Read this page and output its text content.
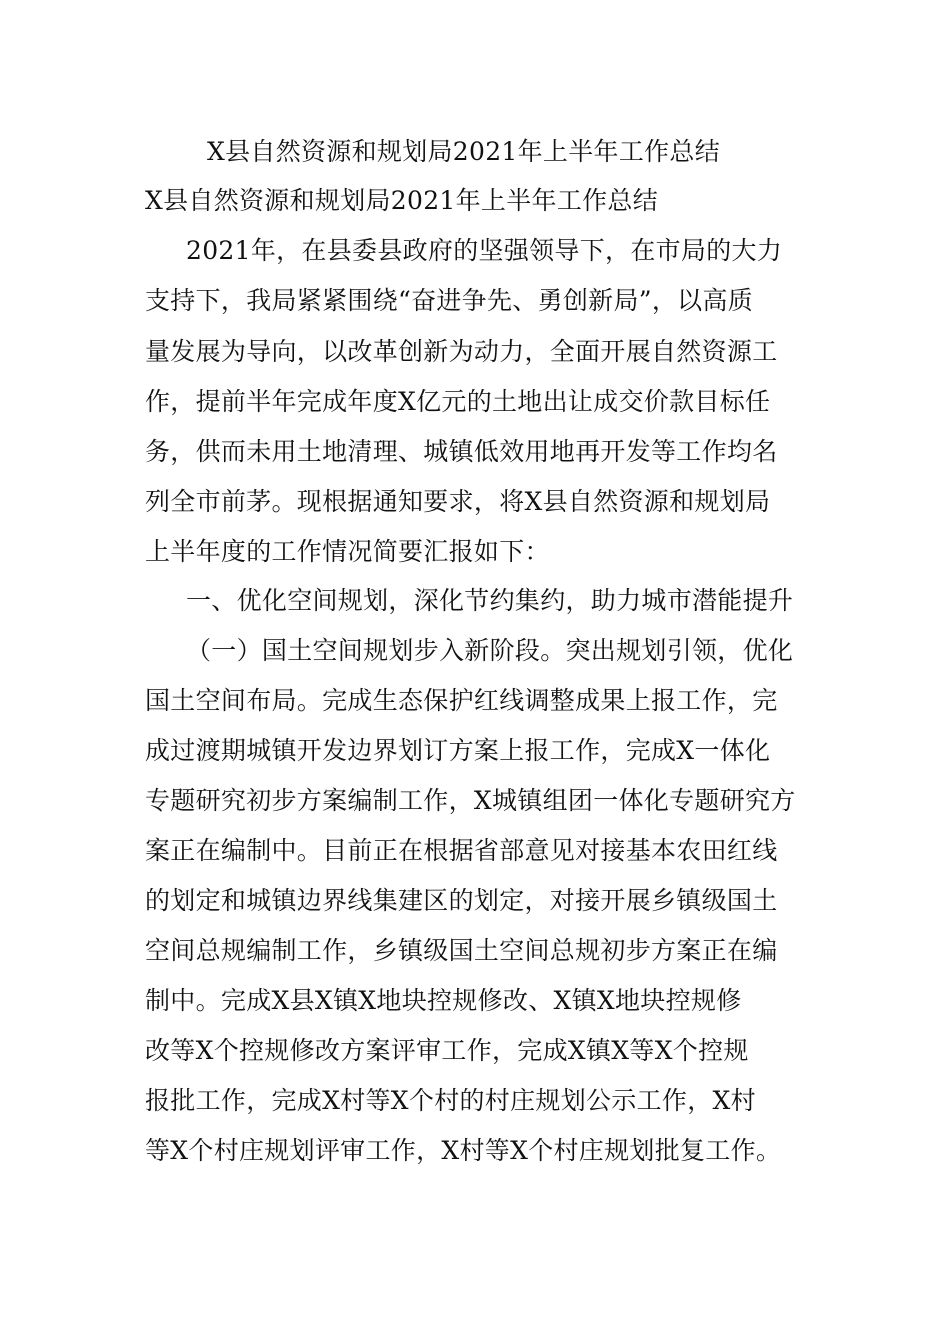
X县自然资源和规划局2021年上半年工作总结
X县自然资源和规划局2021年上半年工作总结
2021年，在县委县政府的坚强领导下，在市局的大力
支持下，我局紧紧围绕“奋进争先、勇创新局”，以高质
量发展为导向，以改革创新为动力，全面开展自然资源工
作，提前半年完成年度X亿元的土地出让成交价款目标任
务，供而未用土地清理、城镇低效用地再开发等工作均名
列全市前茅。现根据通知要求，将X县自然资源和规划局
上半年度的工作情况简要汇报如下：
一、优化空间规划，深化节约集约，助力城市潜能提升
（一）国土空间规划步入新阶段。突出规划引领，优化
国土空间布局。完成生态保护红线调整成果上报工作，完
成过渡期城镇开发边界划订方案上报工作，完成X一体化
专题研究初步方案编制工作，X城镇组团一体化专题研究方
案正在编制中。目前正在根据省部意见对接基本农田红线
的划定和城镇边界线集建区的划定，对接开展乡镇级国土
空间总规编制工作，乡镇级国土空间总规初步方案正在编
制中。完成X县X镇X地块控规修改、X镇X地块控规修
改等X个控规修改方案评审工作，完成X镇X等X个控规
报批工作，完成X村等X个村的村庄规划公示工作，X村
等X个村庄规划评审工作，X村等X个村庄规划批复工作。
